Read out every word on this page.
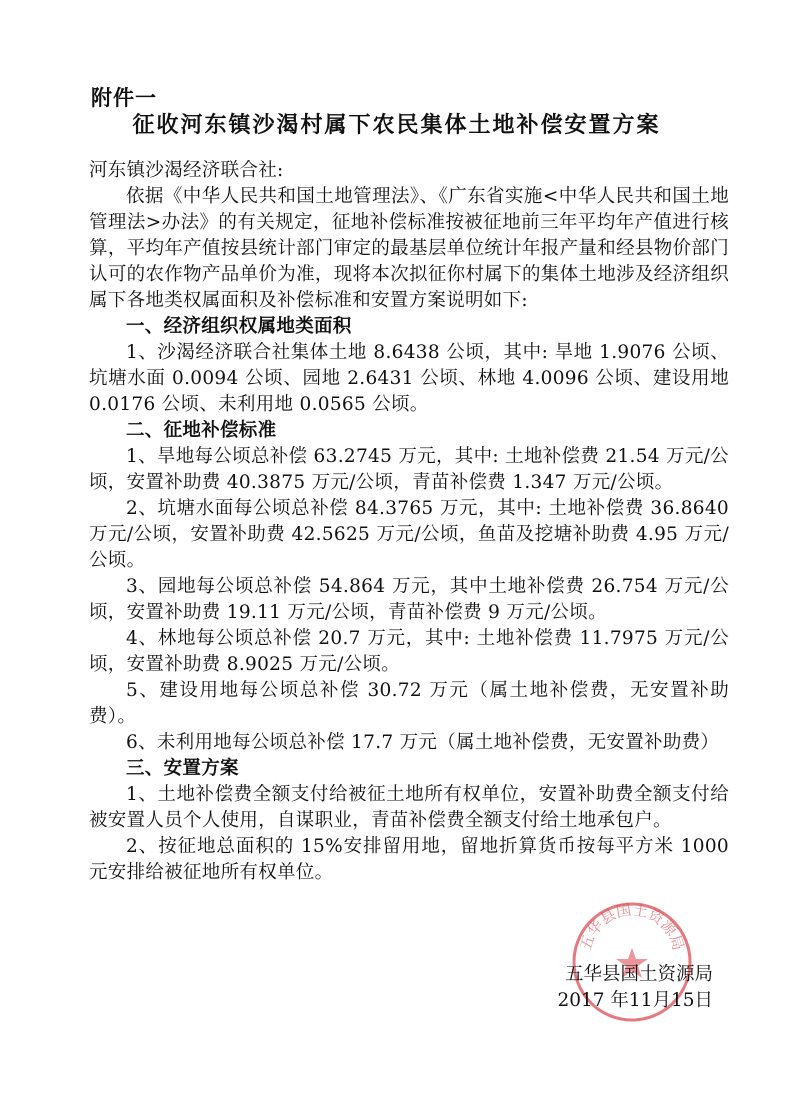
附件一
征收河东镇沙渴村属下农民集体土地补偿安置方案

河东镇沙渴经济联合社:

依据《中华人民共和国土地管理法》、《广东省实施<中华人民共和国土地管理法>办法》的有关规定，征地补偿标准按被征地前三年平均年产值进行核算，平均年产值按县统计部门审定的最基层单位统计年报产量和经县物价部门认可的农作物产品单价为准，现将本次拟征你村属下的集体土地涉及经济组织属下各地类权属面积及补偿标准和安置方案说明如下:

一、经济组织权属地类面积

1、沙渴经济联合社集体土地 8.6438 公顷，其中: 旱地 1.9076 公顷、坑塘水面 0.0094 公顷、园地 2.6431 公顷、林地 4.0096 公顷、建设用地 0.0176 公顷、未利用地 0.0565 公顷。

二、征地补偿标准

1、旱地每公顷总补偿 63.2745 万元，其中: 土地补偿费 21.54 万元/公顷，安置补助费 40.3875 万元/公顷，青苗补偿费 1.347 万元/公顷。

2、坑塘水面每公顷总补偿 84.3765 万元，其中: 土地补偿费 36.8640 万元/公顷，安置补助费 42.5625 万元/公顷，鱼苗及挖塘补助费 4.95 万元/公顷。

3、园地每公顷总补偿 54.864 万元，其中土地补偿费 26.754 万元/公顷，安置补助费 19.11 万元/公顷，青苗补偿费 9 万元/公顷。

4、林地每公顷总补偿 20.7 万元，其中: 土地补偿费 11.7975 万元/公顷，安置补助费 8.9025 万元/公顷。

5、建设用地每公顷总补偿 30.72 万元（属土地补偿费，无安置补助费）。

6、未利用地每公顷总补偿 17.7 万元（属土地补偿费，无安置补助费）

三、安置方案

1、土地补偿费全额支付给被征土地所有权单位，安置补助费全额支付给被安置人员个人使用，自谋职业，青苗补偿费全额支付给土地承包户。

2、按征地总面积的 15%安排留用地，留地折算货币按每平方米 1000 元安排给被征地所有权单位。

五华县国土资源局
五华县国土资源局
2017 年11月15日
